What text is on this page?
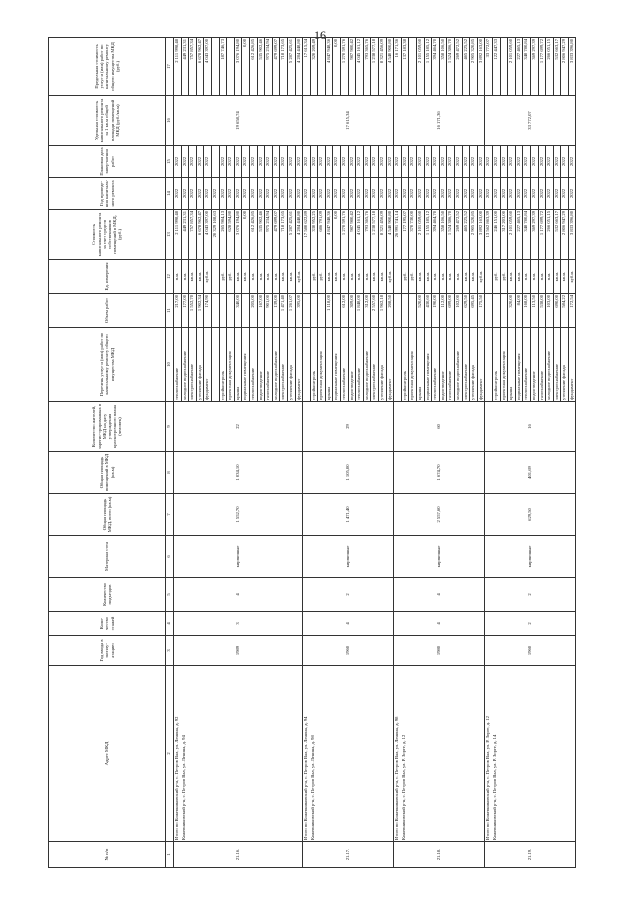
16
№ п/п	Адрес МКД	Год ввода в эксплу-атацию	Коли-чество этажей	Количество подъездов	Материал стен	Общая площадь МКД, всего (кв.м)	Общая площадь помещений в МКД (кв.м)	Количество жителей, зарегис-трированных в МКД на дату утверждения краткосрочного плана (человек)	Перечень услуг и (или) работ по капитальному ремонту общего имущества МКД	Объем работ	Ед. измерения	Стоимость капитального ремонта за счет средств собственников помещений в МКД, (руб.)	Год проведе-ния капиталь-ного ремонта	Плановая дата завер-шения работ	Удельная стоимость капитального ремонта за 1 кв.м общей площади помещений МКД (руб./кв.м)	Предельная стоимость услуг и (или) работ по капитальному ремонту общего имущества МКД (руб.)
1	2	3	4	5	6	7	8	9	10	11	12	13	14	15	16	17
21.16.	Итого по Кожевниковский р-н, с. Петров Вал, ул. Ленина, д. 92 Кожевниковский р-н, с. Петров Вал, ул. Ленина, д. 94	1989	3	4	кирпичные	1 552,70	1 034,10	22	теплоснабжение	217,00	п.м.	2 111 998,48	2022	2022	19 658,74	2 111 998,48
									холодное водоснабжение	177,00	п.м.	449 231,31	2022	2022		449 231,31
									электроснабжение	1 552,70	кв.м.	757 857,34	2022	2022		757 857,34
									утепление фасада	1 902,34	кв.м.	6 678 962,47	2022	2022		6 678 962,47
									фундамент	174,90	куб.м.	4 043 397,00	2022	2022		4 043 397,00
												20 329 108,63	2022			
									стройконтроль		руб.	265 984,13	2022	2022		187 746,73
									проектная документация		руб.	628 594,80	2022	2022		
									крыша	340,00	кв.м.	3 076 194,80	2022	2022		3 076 194,80
									подвальные помещения		кв.м.	0,00	2022	2022		0,00
									теплоснабжение	205,00	п.м.	612 426,85	2022	2022		612 426,85
									водоотведение	167,00	п.м.	535 902,46	2022	2022		535 902,46
									газоснабжение	901,00	п.м.	975 234,94	2022	2022		975 234,94
									холодное водоснабжение	139,00	п.м.	479 699,07	2022	2022		479 699,07
									электроснабжение	1 471,40	кв.м.	718 173,65	2022	2022		718 173,65
									утепление фасада	1 261,07	кв.м.	5 287 425,61	2022	2022		5 287 425,61
									фундамент	395,00	куб.м.	4 284 448,80	2022	2022		4 284 448,80
21.17.	Итого по Кожевниковский р-н, с. Петров Вал, ул. Ленина, д. 94 Кожевниковский р-н, с. Петров Вал, ул. Ленина, д. 98	1960	4	2	кирпичные	1 471,40	1 105,00	29				17 580 622,89	2022	2022	17 615,34	17 615,34
									стройконтроль		руб.	330 952,25	2022	2022		320 209,49
									проектная документация		руб.	686 791,09	2022	2022		
									крыша	1 118,00	кв.м.	4 847 948,36	2022	2022		4 847 948,36
									подвальные помещения		кв.м.	0,00	2022	2022		0,00
									теплоснабжение	612,00	п.м.	1 270 591,76	2022	2022		1 270 591,76
									водоотведение	309,00	п.м.	987 980,42	2022	2022		987 980,42
									теплоснабжение	1 848,00	п.м.	4 045 161,12	2022	2022		4 045 161,12
									холодное водоснабжение	312,00	п.м.	793 365,76	2022	2022		793 365,76
									электроснабжение	2 557,60	кв.м.	1 238 577,18	2022	2022		1 238 577,18
									утепление фасада	1 962,18	кв.м.	8 321 456,09	2022	2022		8 321 456,09
									фундамент	208,50	куб.м.	4 540 900,80	2022	2022		4 540 900,80
21.18.	Итого по Кожевниковский р-н, с. Петров Вал, ул. Ленина, д. 98 Кожевниковский р-н, с. Петров Вал, ул. Р. Зорге, д. 12	1980	4	4	кирпичные	2 557,60	1 674,70	60				26 991 741,14	2022	2022	16 171,36	16 171,36
									стройконтроль		руб.	177 195,07	2022	2022		137 183,38
									проектная документация		руб.	370 730,00	2022	2022		
									крыша	520,00	кв.м.	2 101 059,60	2022	2022		2 101 059,60
									подвальные помещения	430,60	кв.м.	1 155 185,12	2022	2022		1 155 185,12
									теплоснабжение	190,00	п.м.	394 464,70	2022	2022		394 464,70
									водоотведение	112,00	п.м.	358 106,50	2022	2022		358 106,50
									газоснабжение	699,00	п.м.	1 524 386,70	2022	2022		1 524 386,70
									холодное водоснабжение	102,00	п.м.	269 472,52	2022	2022		269 472,52
									электроснабжение	629,50	кв.м.	465 225,52	2022	2022		465 225,52
									утепление фасада	695,45	кв.м.	2 905 320,85	2022	2022		2 905 320,85
									фундамент	175,50	куб.м.	3 892 163,00	2022	2022		3 892 163,00
21.19.	Итого по Кожевниковский р-н, с. Петров Вал, ул. Р. Зорге, д. 12 Кожевниковский р-н, с. Петров Вал, ул. Р. Зорге, д. 14	1960	2	2	кирпичные	629,50	401,69	16				13 562 863,39	2022	2022	33 772,07	33 772,07
									стройконтроль		руб.	246 151,00	2022	2022		122 447,33
									проектная документация		руб.	317 203,00	2022	2022		
									крыша	320,00	кв.м.	2 101 059,60	2022	2022		2 101 059,60
									подвальные помещения	84,00	кв.м.	227 465,13	2022	2022		227 465,13
									теплоснабжение	168,00	п.м.	348 780,84	2022	2022		348 780,84
									водоотведение	113,50	п.м.	369 297,39	2022	2022		369 297,39
									газоснабжение	538,00	п.м.	1 177 699,72	2022	2022		1 177 699,72
									холодное водоснабжение	103,00	п.м.	266 051,15	2022	2022		266 051,15
									электроснабжение	690,00	кв.м.	532 663,17	2022	2022		532 663,17
									утепление фасада	584,22	кв.м.	2 806 947,29	2022	2022		2 806 947,29
									фундамент	172,54	куб.м.	3 833 396,80	2022	2022		3 833 396,80
